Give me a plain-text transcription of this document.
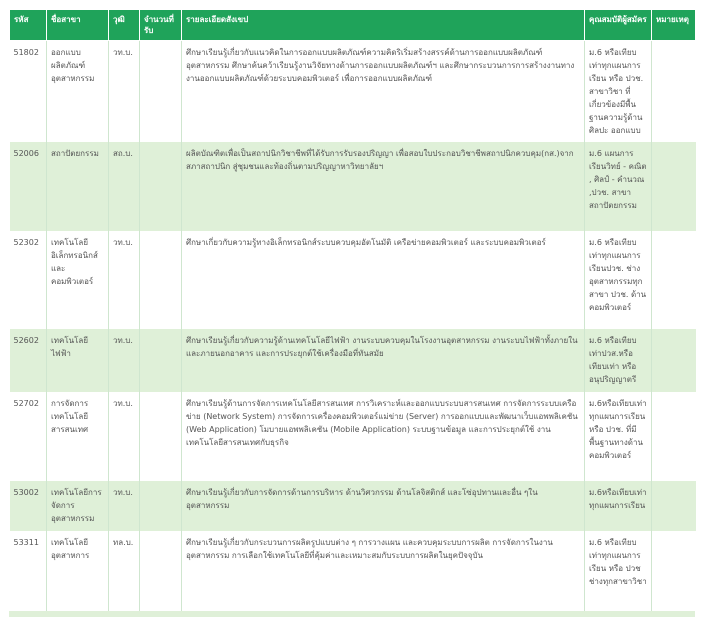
รหัส	ชื่อสาขา	วุฒิ	จำนวนที่รับ	รายละเอียดสังเขป	คุณสมบัติผู้สมัคร	หมายเหตุ
51802	ออกแบบผลิตภัณฑ์อุตสาหกรรม	วท.บ.		ศึกษาเรียนรู้เกี่ยวกับแนวคิดในการออกแบบผลิตภัณฑ์ความคิดริเริ่มสร้างสรรค์ด้านการออกแบบผลิตภัณฑ์อุตสาหกรรม ศึกษาค้นคว้าเรียนรู้งานวิจัยทางด้านการออกแบบผลิตภัณฑ์ฯ และศึกษากระบวนการการสร้างงานทางงานออกแบบผลิตภัณฑ์ด้วยระบบคอมพิวเตอร์ เพื่อการออกแบบผลิตภัณฑ์	ม.6 หรือเทียบเท่าทุกแผนการเรียน หรือ ปวช. สาขาวิชา ที่เกี่ยวข้องมีพื้นฐานความรู้ด้านศิลปะ ออกแบบ	
52006	สถาปัตยกรรม	สถ.บ.		ผลิตบัณฑิตเพื่อเป็นสถาปนิกวิชาชีพที่ได้รับการรับรองปริญญา เพื่อสอบใบประกอบวิชาชีพสถาปนิกควบคุม(กส.)จากสภาสถาปนิก สู่ชุมชนและท้องถิ่นตามปริญญาหาวิทยาลัยฯ	ม.6 แผนการเรียนวิทย์ - คณิต , ศิลป์ - คำนวณ ,ปวช. สาขาสถาปัตยกรรม	
52302	เทคโนโลยีอิเล็กทรอนิกส์และคอมพิวเตอร์	วท.บ.		ศึกษาเกี่ยวกับความรู้ทางอิเล็กทรอนิกส์ระบบควบคุมอัตโนมัติ เครือข่ายคอมพิวเตอร์ และระบบคอมพิวเตอร์	ม.6 หรือเทียบเท่าทุกแผนการเรียนปวช. ช่างอุตสาหกรรมทุกสาขา ปวช. ด้านคอมพิวเตอร์	
52602	เทคโนโลยีไฟฟ้า	วท.บ.		ศึกษาเรียนรู้เกี่ยวกับความรู้ด้านเทคโนโลยีไฟฟ้า งานระบบควบคุมในโรงงานอุตสาหกรรม งานระบบไฟฟ้าทั้งภายในและภายนอกอาคาร และการประยุกต์ใช้เครื่องมือที่ทันสมัย	ม.6 หรือเทียบเท่าปวส.หรือเทียบเท่า หรืออนุปริญญาตรี	
52702	การจัดการเทคโนโลยีสารสนเทศ	วท.บ.		ศึกษาเรียนรู้ด้านการจัดการเทคโนโลยีสารสนเทศ การวิเคราะห์และออกแบบระบบสารสนเทศ การจัดการระบบเครือข่าย (Network System) การจัดการเครื่องคอมพิวเตอร์แม่ข่าย (Server) การออกแบบและพัฒนาเว็บแอพพลิเคชัน (Web Application) โมบายแอพพลิเคชัน (Mobile Application) ระบบฐานข้อมูล และการประยุกต์ใช้ งานเทคโนโลยีสารสนเทศกับธุรกิจ	ม.6หรือเทียบเท่าทุกแผนการเรียน หรือ ปวช. ที่มีพื้นฐานทางด้านคอมพิวเตอร์	
53002	เทคโนโลยีการจัดการอุตสาหกรรม	วท.บ.		ศึกษาเรียนรู้เกี่ยวกับการจัดการด้านการบริหาร ด้านวิศวกรรม ด้านโลจิสติกส์ และโซ่อุปทานและอื่น ๆในอุตสาหกรรม	ม.6หรือเทียบเท่าทุกแผนการเรียน	
53311	เทคโนโลยีอุตสาหการ	ทล.บ.		ศึกษาเรียนรู้เกี่ยวกับกระบวนการผลิตรูปแบบต่าง ๆ การวางแผน และควบคุมระบบการผลิต การจัดการในงานอุตสาหกรรม การเลือกใช้เทคโนโลยีที่คุ้มค่าและเหมาะสมกับระบบการผลิตในยุคปัจจุบัน	ม.6 หรือเทียบเท่าทุกแผนการเรียน หรือ ปวช ช่างทุกสาขาวิชา	
